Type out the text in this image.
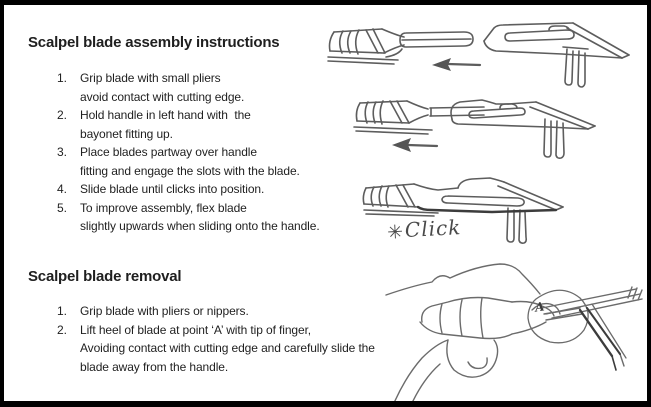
Scalpel blade assembly instructions
1.	Grip blade with small pliers
avoid contact with cutting edge.
2.	Hold handle in left hand with  the
bayonet fitting up.
3.	Place blades partway over handle
fitting and engage the slots with the blade.
4.	Slide blade until clicks into position.
5.	To improve assembly, flex blade
slightly upwards when sliding onto the handle.
Scalpel blade removal
1.	Grip blade with pliers or nippers.
2.	Lift heel of blade at point ‘A’ with tip of finger,
Avoiding contact with cutting edge and carefully slide the
blade away from the handle.
✳Click
A
